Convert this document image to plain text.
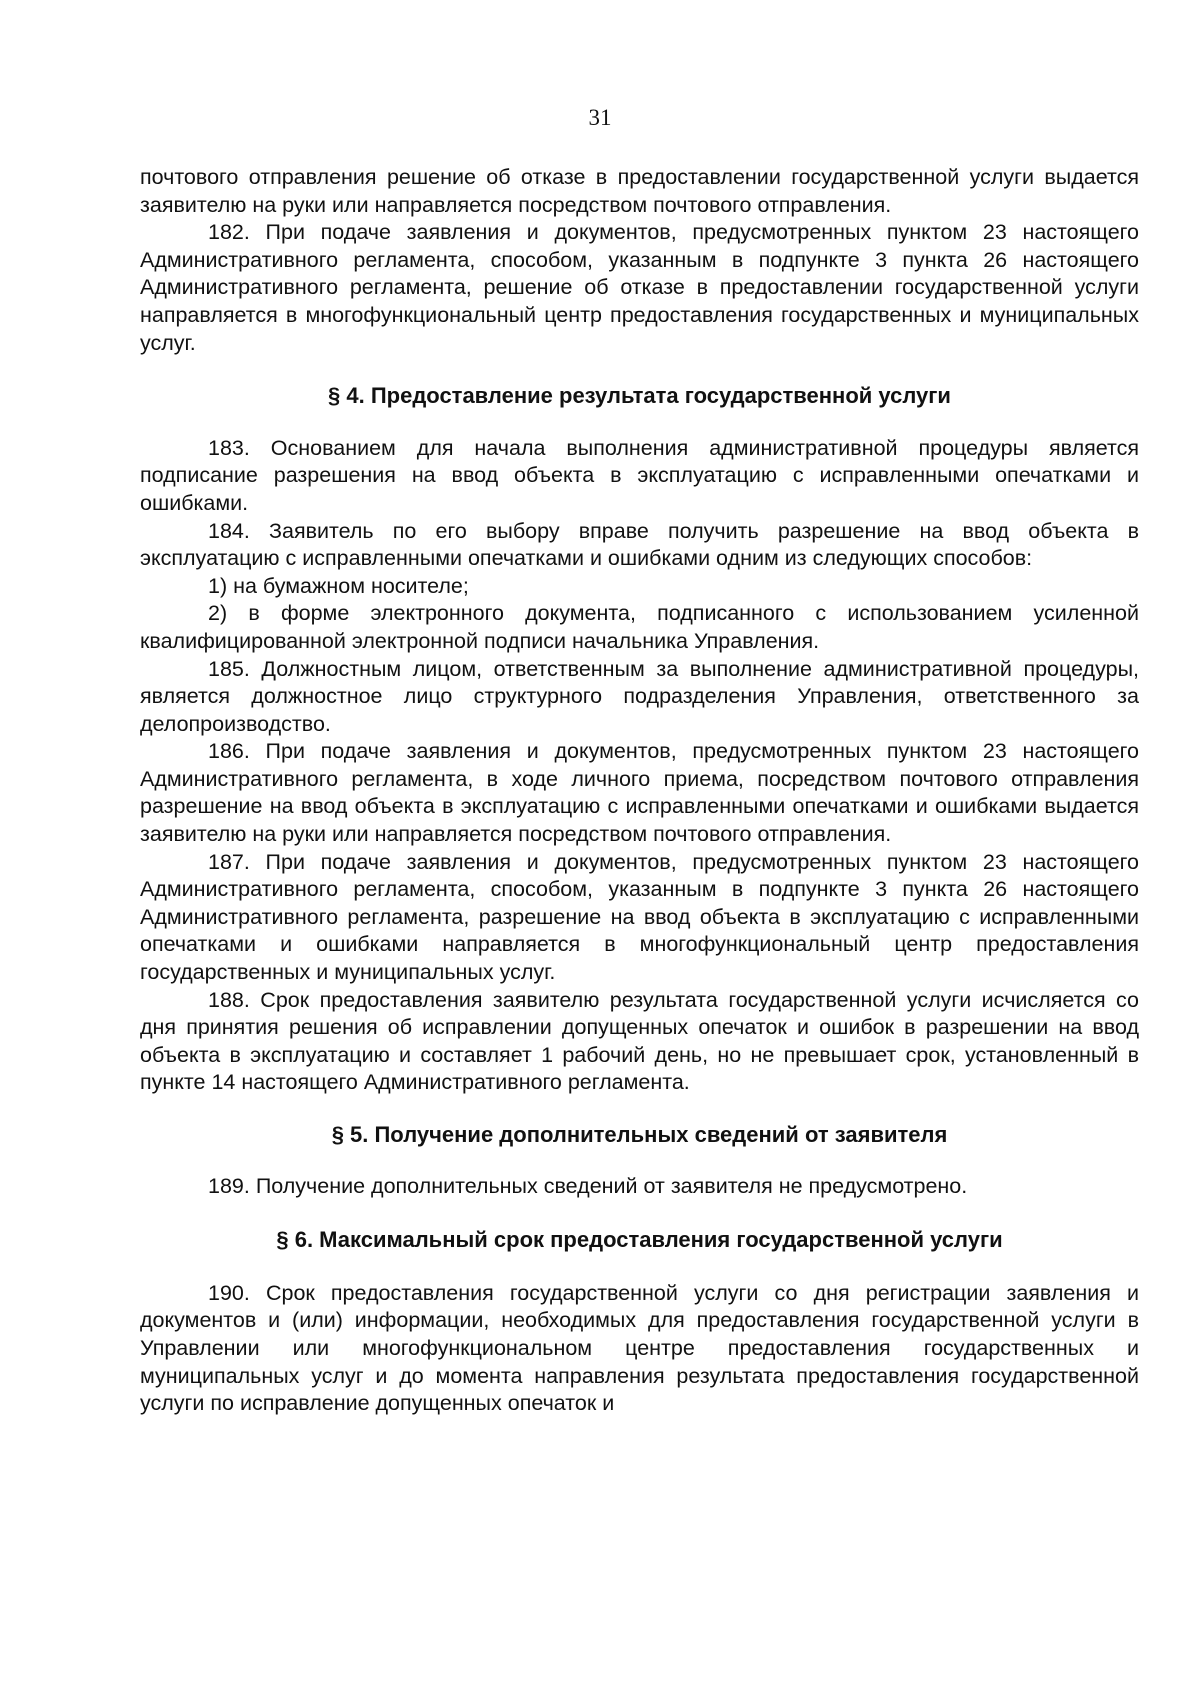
31

почтового отправления решение об отказе в предоставлении государственной услуги выдается заявителю на руки или направляется посредством почтового отправления.

182. При подаче заявления и документов, предусмотренных пунктом 23 настоящего Административного регламента, способом, указанным в подпункте 3 пункта 26 настоящего Административного регламента, решение об отказе в предоставлении государственной услуги направляется в многофункциональный центр предоставления государственных и муниципальных услуг.

§ 4. Предоставление результата государственной услуги

183. Основанием для начала выполнения административной процедуры является подписание разрешения на ввод объекта в эксплуатацию с исправленными опечатками и ошибками.

184. Заявитель по его выбору вправе получить разрешение на ввод объекта в эксплуатацию с исправленными опечатками и ошибками одним из следующих способов:

1) на бумажном носителе;

2) в форме электронного документа, подписанного с использованием усиленной квалифицированной электронной подписи начальника Управления.

185. Должностным лицом, ответственным за выполнение административной процедуры, является должностное лицо структурного подразделения Управления, ответственного за делопроизводство.

186. При подаче заявления и документов, предусмотренных пунктом 23 настоящего Административного регламента, в ходе личного приема, посредством почтового отправления разрешение на ввод объекта в эксплуатацию с исправленными опечатками и ошибками выдается заявителю на руки или направляется посредством почтового отправления.

187. При подаче заявления и документов, предусмотренных пунктом 23 настоящего Административного регламента, способом, указанным в подпункте 3 пункта 26 настоящего Административного регламента, разрешение на ввод объекта в эксплуатацию с исправленными опечатками и ошибками направляется в многофункциональный центр предоставления государственных и муниципальных услуг.

188. Срок предоставления заявителю результата государственной услуги исчисляется со дня принятия решения об исправлении допущенных опечаток и ошибок в разрешении на ввод объекта в эксплуатацию и составляет 1 рабочий день, но не превышает срок, установленный в пункте 14 настоящего Административного регламента.

§ 5. Получение дополнительных сведений от заявителя

189. Получение дополнительных сведений от заявителя не предусмотрено.

§ 6. Максимальный срок предоставления государственной услуги

190. Срок предоставления государственной услуги со дня регистрации заявления и документов и (или) информации, необходимых для предоставления государственной услуги в Управлении или многофункциональном центре предоставления государственных и муниципальных услуг и до момента направления результата предоставления государственной услуги по исправление допущенных опечаток и
